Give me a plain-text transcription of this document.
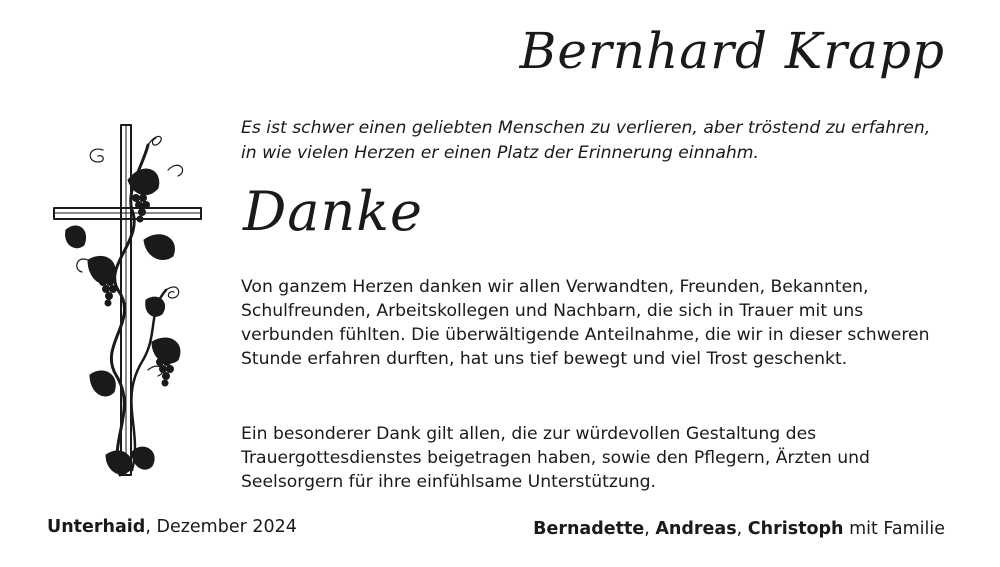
Bernhard Krapp
Es ist schwer einen geliebten Menschen zu verlieren, aber tröstend zu erfahren, in wie vielen Herzen er einen Platz der Erinnerung einnahm.
Danke

Von ganzem Herzen danken wir allen Verwandten, Freunden, Bekannten, Schulfreunden, Arbeitskollegen und Nachbarn, die sich in Trauer mit uns verbunden fühlten. Die überwältigende Anteilnahme, die wir in dieser schweren Stunde erfahren durften, hat uns tief bewegt und viel Trost geschenkt.

Ein besonderer Dank gilt allen, die zur würdevollen Gestaltung des Trauergottesdienstes beigetragen haben, sowie den Pflegern, Ärzten und Seelsorgern für ihre einfühlsame Unterstützung.

Unterhaid, Dezember 2024	Bernadette, Andreas, Christoph mit Familie
